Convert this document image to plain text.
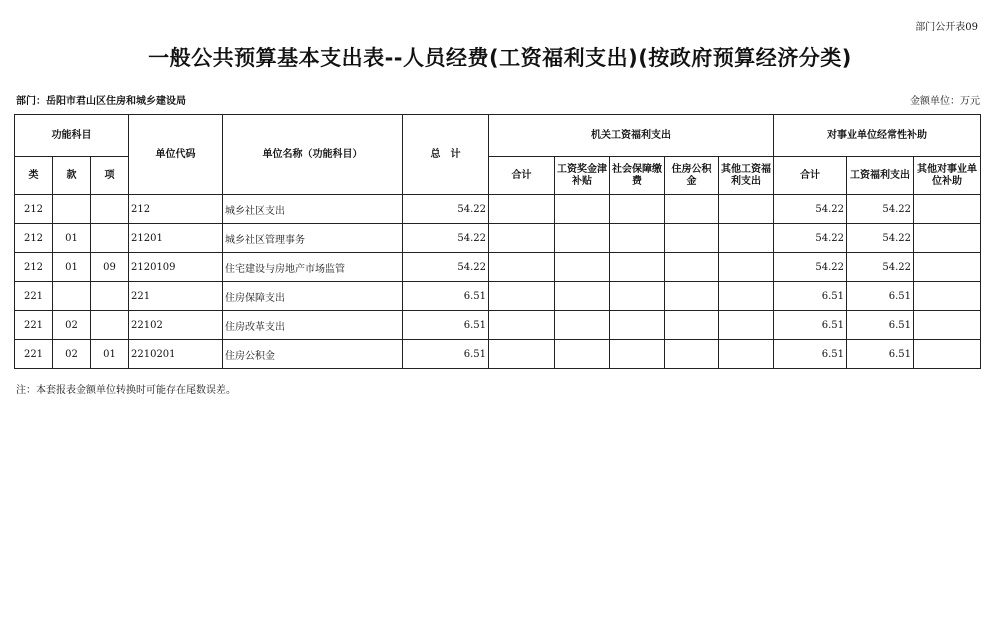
部门公开表09
一般公共预算基本支出表--人员经费(工资福利支出)(按政府预算经济分类)
部门：岳阳市君山区住房和城乡建设局	金额单位：万元
功能科目			单位代码	单位名称（功能科目）	总　计	机关工资福利支出					对事业单位经常性补助		
类	款	项				合计	工资奖金津补贴	社会保障缴费	住房公积金	其他工资福利支出	合计	工资福利支出	其他对事业单位补助
212			212	城乡社区支出	54.22						54.22	54.22	
212	01		21201	城乡社区管理事务	54.22						54.22	54.22	
212	01	09	2120109	住宅建设与房地产市场监管	54.22						54.22	54.22	
221			221	住房保障支出	6.51						6.51	6.51	
221	02		22102	住房改革支出	6.51						6.51	6.51	
221	02	01	2210201	住房公积金	6.51						6.51	6.51	
注：本套报表金额单位转换时可能存在尾数误差。
